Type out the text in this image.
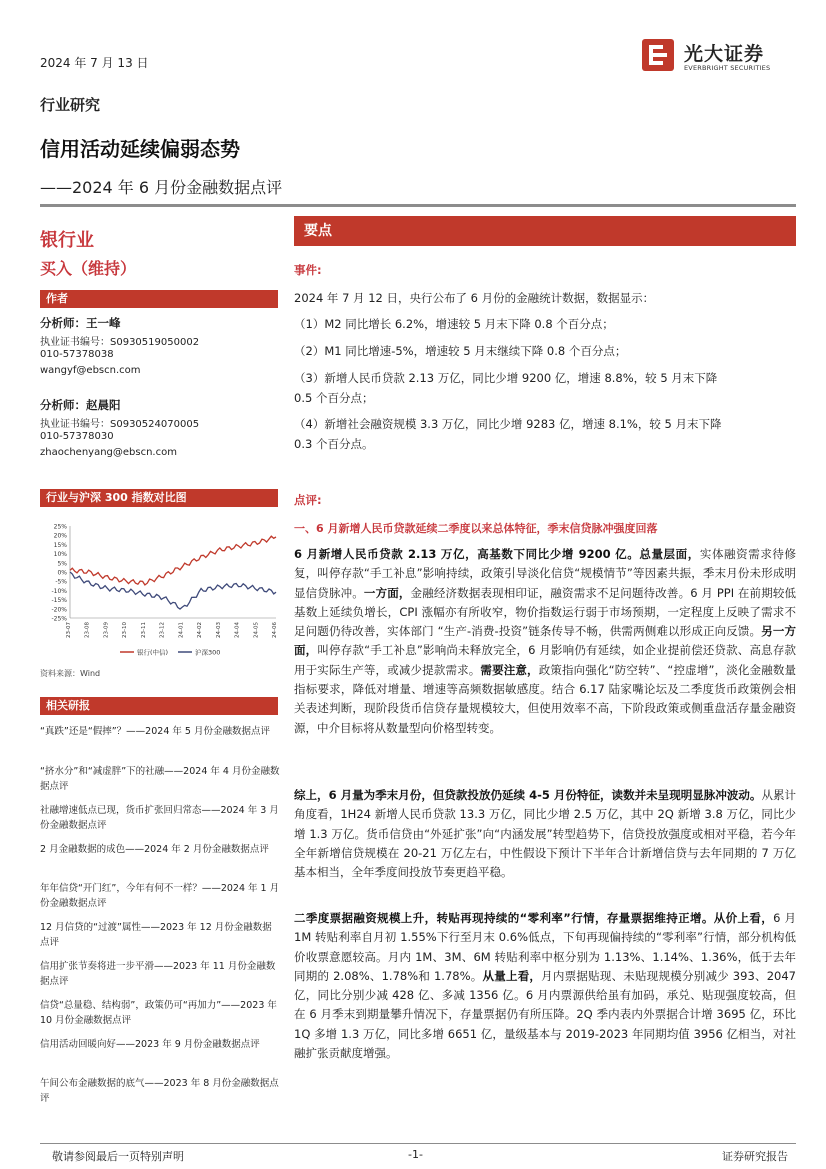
2024 年 7 月 13 日	光大证券
EVERBRIGHT SECURITIES
行业研究
信用活动延续偏弱态势
——2024 年 6 月份金融数据点评
银行业
买入（维持）
作者
分析师：王一峰
执业证书编号：S0930519050002
010-57378038
wangyf@ebscn.com
分析师：赵晨阳
执业证书编号：S0930524070005
010-57378030
zhaochenyang@ebscn.com
行业与沪深 300 指数对比图
25%
20%
15%
10%
5%
0%
-5%
-10%
-15%
-20%
-25%
23-07 23-08 23-09 23-10 23-11 23-12 24-01 24-02 24-03 24-04 24-05 24-06
银行(中信)	沪深300
资料来源：Wind
相关研报
“真跌”还是“假摔”？——2024 年 5 月份金融数据点评
“挤水分”和“减虚胖”下的社融——2024 年 4 月份金融数据点评
社融增速低点已现，货币扩张回归常态——2024 年 3 月份金融数据点评
2 月金融数据的成色——2024 年 2 月份金融数据点评
年年信贷“开门红”，今年有何不一样？——2024 年 1 月份金融数据点评
12 月信贷的“过渡”属性——2023 年 12 月份金融数据点评
信用扩张节奏将进一步平滑——2023 年 11 月份金融数据点评
信贷“总量稳、结构弱”，政策仍可“再加力”——2023 年 10 月份金融数据点评
信用活动回暖向好——2023 年 9 月份金融数据点评
午间公布金融数据的底气——2023 年 8 月份金融数据点评
要点
事件:
2024 年 7 月 12 日，央行公布了 6 月份的金融统计数据，数据显示：
（1）M2 同比增长 6.2%，增速较 5 月末下降 0.8 个百分点；
（2）M1 同比增速-5%，增速较 5 月末继续下降 0.8 个百分点；
（3）新增人民币贷款 2.13 万亿，同比少增 9200 亿，增速 8.8%，较 5 月末下降
0.5 个百分点；
（4）新增社会融资规模 3.3 万亿，同比少增 9283 亿，增速 8.1%，较 5 月末下降
0.3 个百分点。
点评:
一、6 月新增人民币贷款延续二季度以来总体特征，季末信贷脉冲强度回落
6 月新增人民币贷款 2.13 万亿，高基数下同比少增 9200 亿。总量层面，实体融资需求待修复，叫停存款“手工补息”影响持续，政策引导淡化信贷“规模情节”等因素共振，季末月份未形成明显信贷脉冲。一方面，金融经济数据表现相印证，融资需求不足问题待改善。6 月 PPI 在前期较低基数上延续负增长，CPI 涨幅亦有所收窄，物价指数运行弱于市场预期，一定程度上反映了需求不足问题仍待改善，实体部门 “生产-消费-投资”链条传导不畅，供需两侧难以形成正向反馈。另一方面，叫停存款“手工补息”影响尚未释放完全，6 月影响仍有延续，如企业提前偿还贷款、高息存款用于实际生产等，或减少提款需求。需要注意，政策指向强化“防空转”、“控虚增”，淡化金融数量指标要求，降低对增量、增速等高频数据敏感度。结合 6.17 陆家嘴论坛及二季度货币政策例会相关表述判断，现阶段货币信贷存量规模较大，但使用效率不高，下阶段政策或侧重盘活存量金融资源，中介目标将从数量型向价格型转变。
综上，6 月量为季末月份，但贷款投放仍延续 4-5 月份特征，读数并未呈现明显脉冲波动。从累计角度看，1H24 新增人民币贷款 13.3 万亿，同比少增 2.5 万亿，其中 2Q 新增 3.8 万亿，同比少增 1.3 万亿。货币信贷由“外延扩张”向“内涵发展”转型趋势下，信贷投放强度或相对平稳，若今年全年新增信贷规模在 20-21 万亿左右，中性假设下预计下半年合计新增信贷与去年同期的 7 万亿基本相当，全年季度间投放节奏更趋平稳。
二季度票据融资规模上升，转贴再现持续的“零利率”行情，存量票据维持正增。从价上看，6 月 1M 转贴利率自月初 1.55%下行至月末 0.6%低点，下旬再现偏持续的“零利率”行情，部分机构低价收票意愿较高。月内 1M、3M、6M 转贴利率中枢分别为 1.13%、1.14%、1.36%，低于去年同期的 2.08%、1.78%和 1.78%。从量上看，月内票据贴现、未贴现规模分别减少 393、2047 亿，同比分别少减 428 亿、多减 1356 亿。6 月内票源供给虽有加码，承兑、贴现强度较高，但在 6 月季末到期量攀升情况下，存量票据仍有所压降。2Q 季内表内外票据合计增 3695 亿，环比 1Q 多增 1.3 万亿，同比多增 6651 亿，量级基本与 2019-2023 年同期均值 3956 亿相当，对社融扩张贡献度增强。
敬请参阅最后一页特别声明	-1-	证券研究报告
